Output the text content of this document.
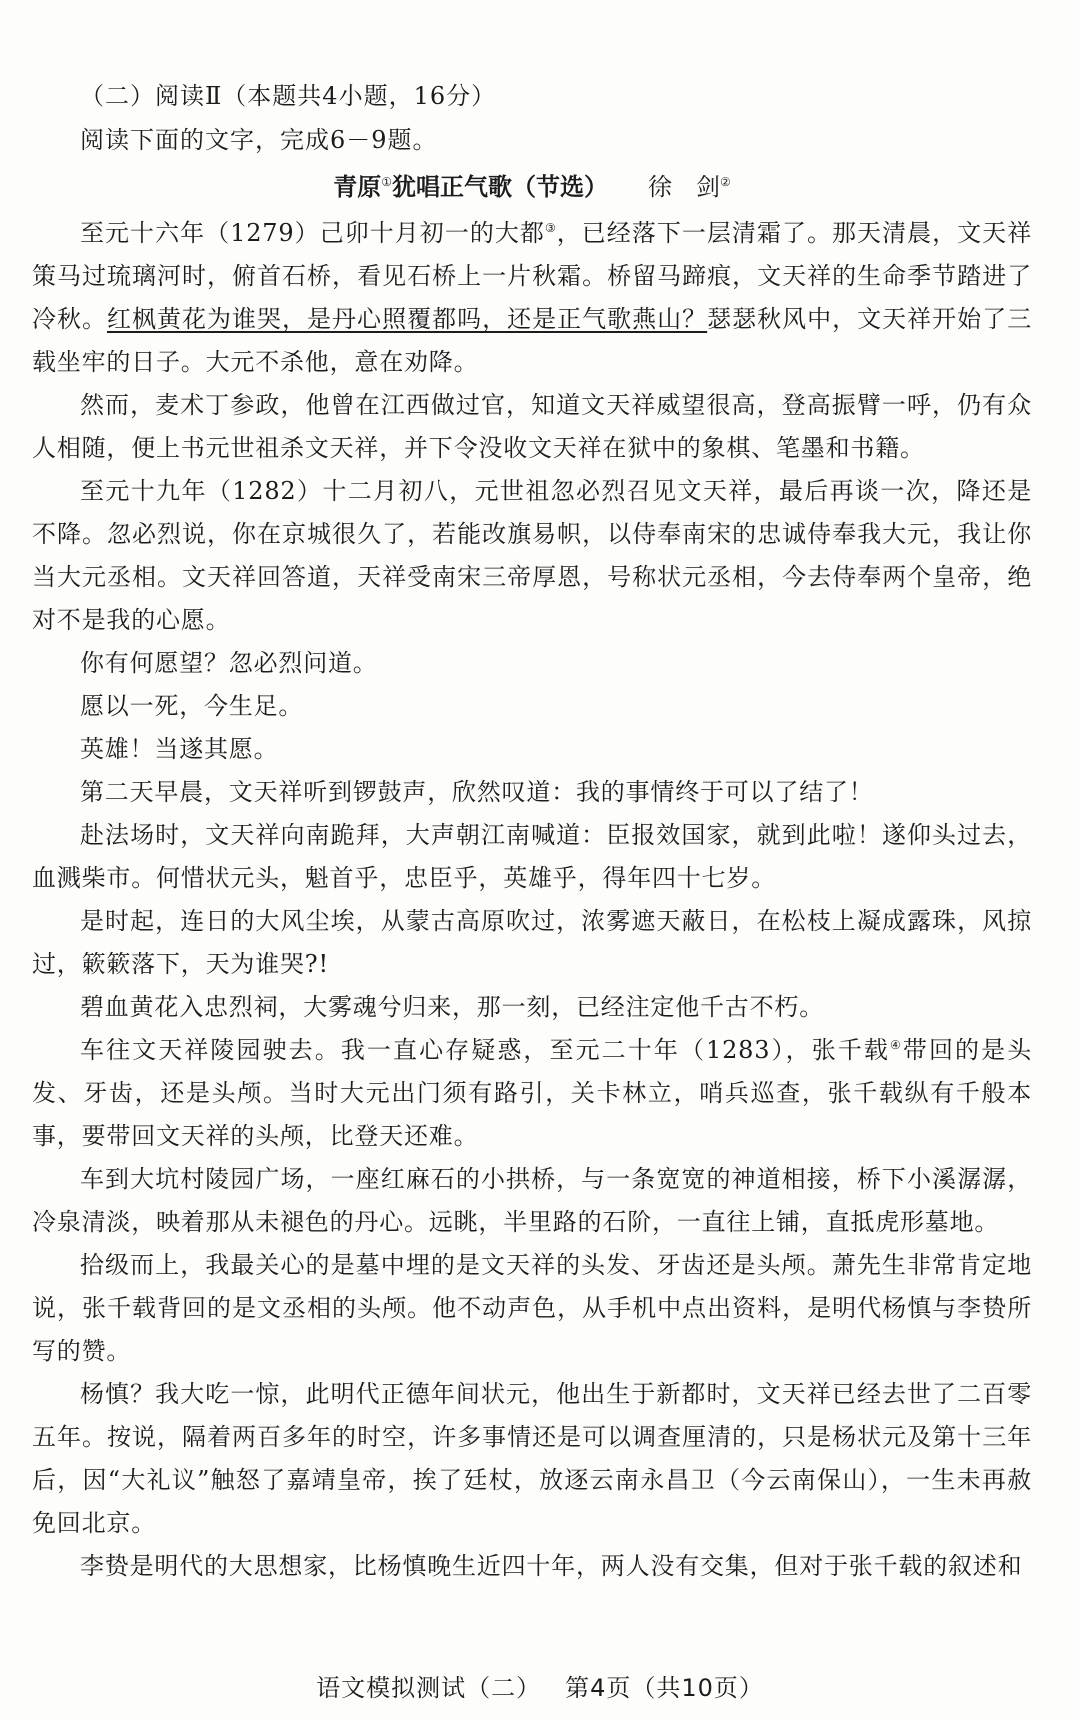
（二）阅读Ⅱ（本题共4小题，16分）

阅读下面的文字，完成6－9题。

青原①犹唱正气歌（节选） 徐　剑②

至元十六年（1279）己卯十月初一的大都③，已经落下一层清霜了。那天清晨，文天祥策马过琉璃河时，俯首石桥，看见石桥上一片秋霜。桥留马蹄痕，文天祥的生命季节踏进了冷秋。红枫黄花为谁哭，是丹心照覆都吗，还是正气歌燕山？瑟瑟秋风中，文天祥开始了三载坐牢的日子。大元不杀他，意在劝降。

然而，麦术丁参政，他曾在江西做过官，知道文天祥威望很高，登高振臂一呼，仍有众人相随，便上书元世祖杀文天祥，并下令没收文天祥在狱中的象棋、笔墨和书籍。

至元十九年（1282）十二月初八，元世祖忽必烈召见文天祥，最后再谈一次，降还是不降。忽必烈说，你在京城很久了，若能改旗易帜，以侍奉南宋的忠诚侍奉我大元，我让你当大元丞相。文天祥回答道，天祥受南宋三帝厚恩，号称状元丞相，今去侍奉两个皇帝，绝对不是我的心愿。

你有何愿望？忽必烈问道。

愿以一死，今生足。

英雄！当遂其愿。

第二天早晨，文天祥听到锣鼓声，欣然叹道：我的事情终于可以了结了！

赴法场时，文天祥向南跪拜，大声朝江南喊道：臣报效国家，就到此啦！遂仰头过去，血溅柴市。何惜状元头，魁首乎，忠臣乎，英雄乎，得年四十七岁。

是时起，连日的大风尘埃，从蒙古高原吹过，浓雾遮天蔽日，在松枝上凝成露珠，风掠过，簌簌落下，天为谁哭?!

碧血黄花入忠烈祠，大雾魂兮归来，那一刻，已经注定他千古不朽。

车往文天祥陵园驶去。我一直心存疑惑，至元二十年（1283），张千载④带回的是头发、牙齿，还是头颅。当时大元出门须有路引，关卡林立，哨兵巡查，张千载纵有千般本事，要带回文天祥的头颅，比登天还难。

车到大坑村陵园广场，一座红麻石的小拱桥，与一条宽宽的神道相接，桥下小溪潺潺，冷泉清淡，映着那从未褪色的丹心。远眺，半里路的石阶，一直往上铺，直抵虎形墓地。

拾级而上，我最关心的是墓中埋的是文天祥的头发、牙齿还是头颅。萧先生非常肯定地说，张千载背回的是文丞相的头颅。他不动声色，从手机中点出资料，是明代杨慎与李贽所写的赞。

杨慎？我大吃一惊，此明代正德年间状元，他出生于新都时，文天祥已经去世了二百零五年。按说，隔着两百多年的时空，许多事情还是可以调查厘清的，只是杨状元及第十三年后，因“大礼议”触怒了嘉靖皇帝，挨了廷杖，放逐云南永昌卫（今云南保山），一生未再赦免回北京。

李贽是明代的大思想家，比杨慎晚生近四十年，两人没有交集，但对于张千载的叙述和

语文模拟测试（二） 第4页（共10页）
